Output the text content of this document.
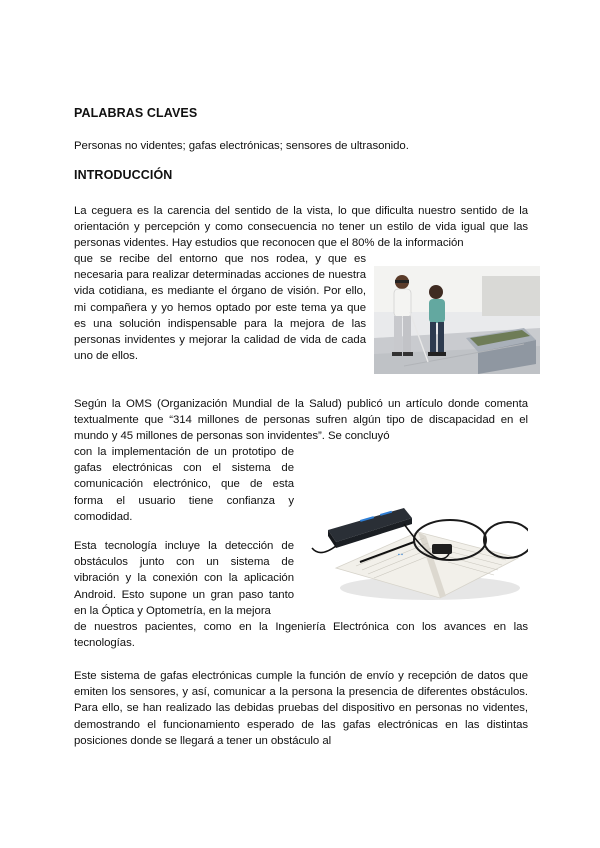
PALABRAS CLAVES

Personas no videntes; gafas electrónicas; sensores de ultrasonido.

INTRODUCCIÓN

La ceguera es la carencia del sentido de la vista, lo que dificulta nuestro sentido de la orientación y percepción y como consecuencia no tener un estilo de vida igual que las personas videntes. Hay estudios que reconocen que el 80% de la información

que se recibe del entorno que nos rodea, y que es necesaria para realizar determinadas acciones de nuestra vida cotidiana, es mediante el órgano de visión. Por ello, mi compañera y yo hemos optado por este tema ya que es una solución indispensable para la mejora de las personas invidentes y mejorar la calidad de vida de cada uno de ellos.

Según la OMS (Organización Mundial de la Salud) publicó un artículo donde comenta textualmente que “314 millones de personas sufren algún tipo de discapacidad en el mundo y 45 millones de personas son invidentes”. Se concluyó

con la implementación de un prototipo de gafas electrónicas con el sistema de comunicación electrónico, que de esta forma el usuario tiene confianza y comodidad.

▪ ▪

Esta tecnología incluye la detección de obstáculos junto con un sistema de vibración y la conexión con la aplicación Android. Esto supone un gran paso tanto en la Óptica y Optometría, en la mejora

de nuestros pacientes, como en la Ingeniería Electrónica con los avances en las tecnologías.

Este sistema de gafas electrónicas cumple la función de envío y recepción de datos que emiten los sensores, y así, comunicar a la persona la presencia de diferentes obstáculos. Para ello, se han realizado las debidas pruebas del dispositivo en personas no videntes, demostrando el funcionamiento esperado de las gafas electrónicas en las distintas posiciones donde se llegará a tener un obstáculo al
